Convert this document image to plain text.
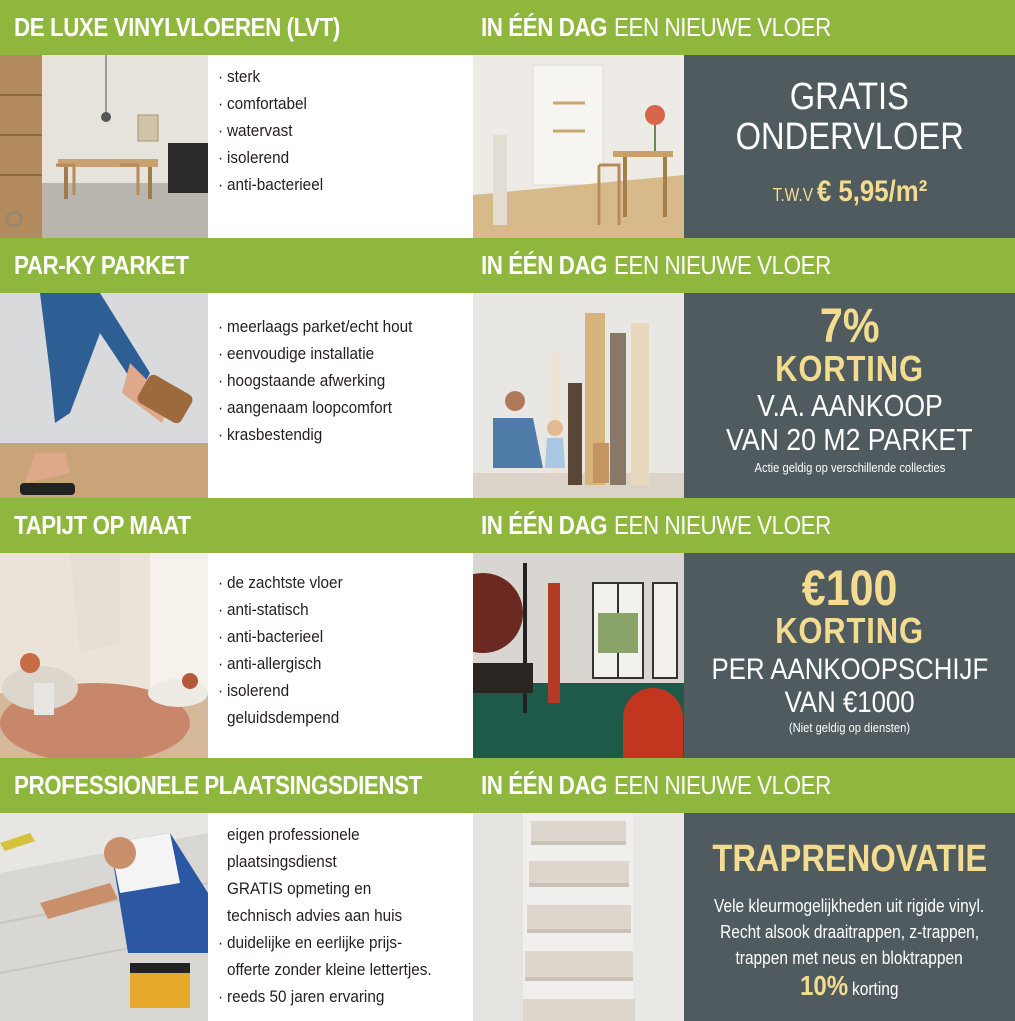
DE LUXE VINYLVLOEREN (LVT)	IN ÉÉN DAG EEN NIEUWE VLOER
· sterk
· comfortabel
· watervast
· isolerend
· anti-bacterieel
GRATIS
ONDERVLOER
T.W.V € 5,95/m²
PAR-KY PARKET	IN ÉÉN DAG EEN NIEUWE VLOER
· meerlaags parket/echt hout
· eenvoudige installatie
· hoogstaande afwerking
· aangenaam loopcomfort
· krasbestendig
7%
KORTING
V.A. AANKOOP
VAN 20 M2 PARKET
Actie geldig op verschillende collecties
TAPIJT OP MAAT	IN ÉÉN DAG EEN NIEUWE VLOER
· de zachtste vloer
· anti-statisch
· anti-bacterieel
· anti-allergisch
· isolerend
geluidsdempend
€100
KORTING
PER AANKOOPSCHIJF
VAN €1000
(Niet geldig op diensten)
PROFESSIONELE PLAATSINGSDIENST IN ÉÉN DAG EEN NIEUWE VLOER
eigen professionele
plaatsingsdienst
GRATIS opmeting en
technisch advies aan huis
· duidelijke en eerlijke prijs-
offerte zonder kleine lettertjes.
· reeds 50 jaren ervaring
TRAPRENOVATIE
Vele kleurmogelijkheden uit rigide vinyl.
Recht alsook draaitrappen, z-trappen,
trappen met neus en bloktrappen
10% korting
